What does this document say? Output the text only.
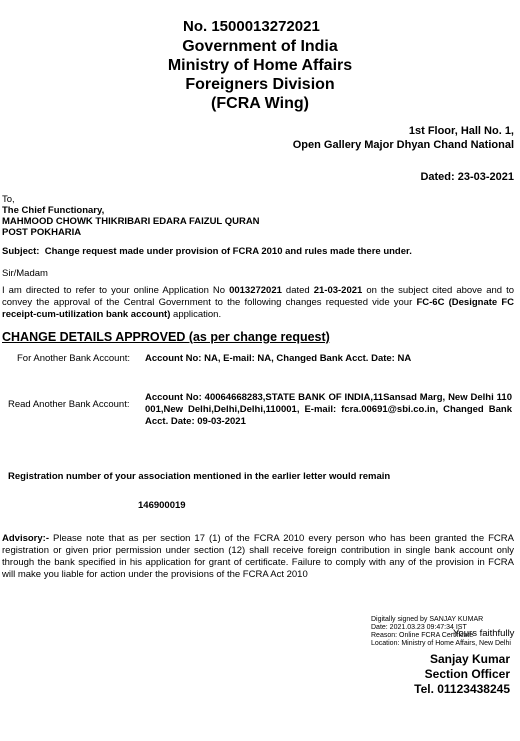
No. 1500013272021
Government of India
Ministry of Home Affairs
Foreigners Division
(FCRA Wing)
1st Floor, Hall No. 1,
Open Gallery Major Dhyan Chand National
Dated: 23-03-2021
To,
The Chief Functionary,
MAHMOOD CHOWK THIKRIBARI EDARA FAIZUL QURAN
POST POKHARIA
Subject: Change request made under provision of FCRA 2010 and rules made there under.
Sir/Madam
I am directed to refer to your online Application No 0013272021 dated 21-03-2021 on the subject cited above and to convey the approval of the Central Government to the following changes requested vide your FC-6C (Designate FC receipt-cum-utilization bank account) application.
CHANGE DETAILS APPROVED (as per change request)
For Another Bank Account: Account No: NA, E-mail: NA, Changed Bank Acct. Date: NA
Read Another Bank Account:
Account No: 40064668283,STATE BANK OF INDIA,11Sansad Marg, New Delhi 110 001,New Delhi,Delhi,Delhi,110001, E-mail: fcra.00691@sbi.co.in, Changed Bank Acct. Date: 09-03-2021
Registration number of your association mentioned in the earlier letter would remain
146900019
Advisory:- Please note that as per section 17 (1) of the FCRA 2010 every person who has been granted the FCRA registration or given prior permission under section (12) shall receive foreign contribution in single bank account only through the bank specified in his application for grant of certificate. Failure to comply with any of the provision in FCRA will make you liable for action under the provisions of the FCRA Act 2010
Digitally signed by SANJAY KUMAR
Date: 2021.03.23 09:47:34 IST
Reason: Online FCRA Certificate
Location: Ministry of Home Affairs, New Delhi
Yours faithfully
Sanjay Kumar
Section Officer
Tel. 01123438245
